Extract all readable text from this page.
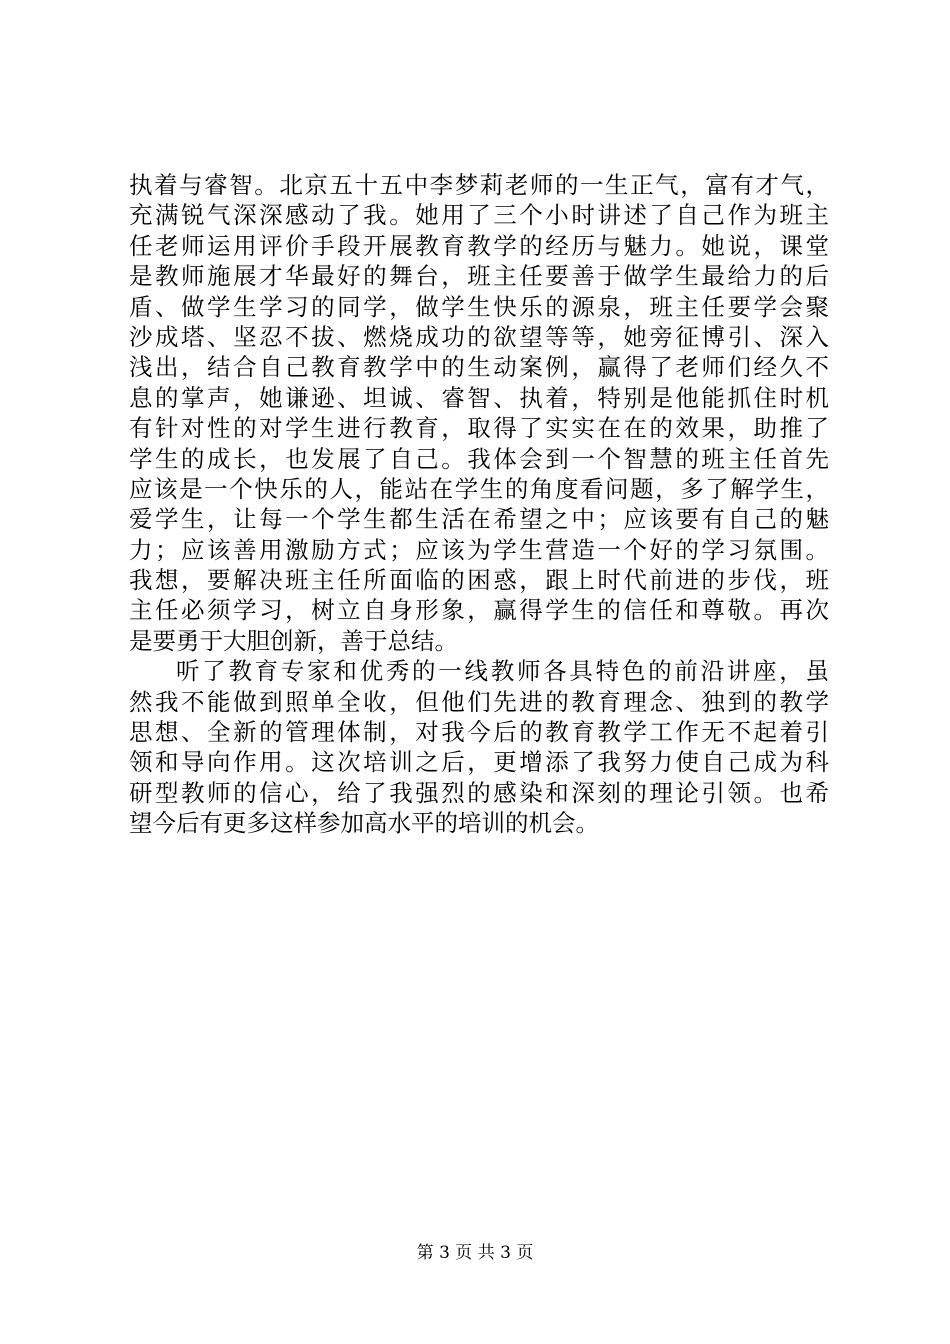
执着与睿智。北京五十五中李梦莉老师的一生正气，富有才气，
充满锐气深深感动了我。她用了三个小时讲述了自己作为班主
任老师运用评价手段开展教育教学的经历与魅力。她说，课堂
是教师施展才华最好的舞台，班主任要善于做学生最给力的后
盾、做学生学习的同学，做学生快乐的源泉，班主任要学会聚
沙成塔、坚忍不拔、燃烧成功的欲望等等，她旁征博引、深入
浅出，结合自己教育教学中的生动案例，赢得了老师们经久不
息的掌声，她谦逊、坦诚、睿智、执着，特别是他能抓住时机
有针对性的对学生进行教育，取得了实实在在的效果，助推了
学生的成长，也发展了自己。我体会到一个智慧的班主任首先
应该是一个快乐的人，能站在学生的角度看问题，多了解学生，
爱学生，让每一个学生都生活在希望之中；应该要有自己的魅
力；应该善用激励方式；应该为学生营造一个好的学习氛围。
我想，要解决班主任所面临的困惑，跟上时代前进的步伐，班
主任必须学习，树立自身形象，赢得学生的信任和尊敬。再次
是要勇于大胆创新，善于总结。
听了教育专家和优秀的一线教师各具特色的前沿讲座，虽
然我不能做到照单全收，但他们先进的教育理念、独到的教学
思想、全新的管理体制，对我今后的教育教学工作无不起着引
领和导向作用。这次培训之后，更增添了我努力使自己成为科
研型教师的信心，给了我强烈的感染和深刻的理论引领。也希
望今后有更多这样参加高水平的培训的机会。
第 3 页 共 3 页
